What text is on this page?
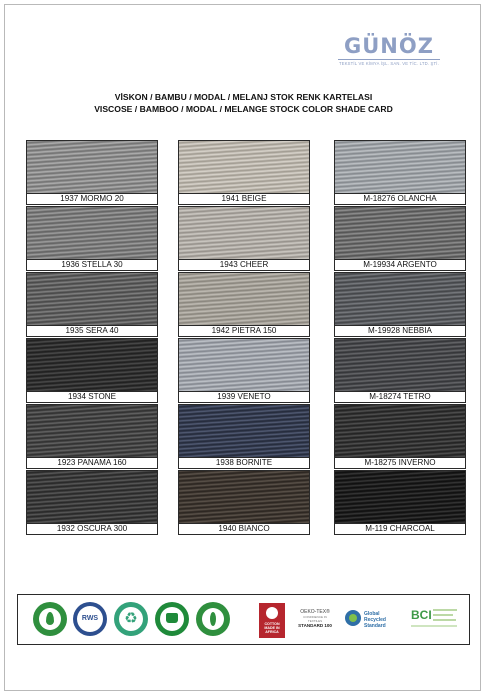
GÜNÖZ
TEKSTİL VE KİMYA İŞL. SAN. VE TİC. LTD. ŞTİ.
VİSKON / BAMBU / MODAL / MELANJ STOK RENK KARTELASI
VISCOSE / BAMBOO / MODAL / MELANGE STOCK COLOR SHADE CARD
1937 MORMO 20	1941 BEIGE	M-18276 OLANCHA
1936 STELLA 30	1943 CHEER	M-19934 ARGENTO
1935 SERA 40	1942 PIETRA 150	M-19928 NEBBIA
1934 STONE	1939 VENETO	M-18274 TETRO
1923 PANAMA 160	1938 BORNITE	M-18275 INVERNO
1932 OSCURA 300	1940 BIANCO	M-119 CHARCOAL
RWS	♻	COTTON MADE IN AFRICA
OEKO-TEX®
CONFIDENCE IN TEXTILES
STANDARD 100
Global Recycled Standard
BCI
